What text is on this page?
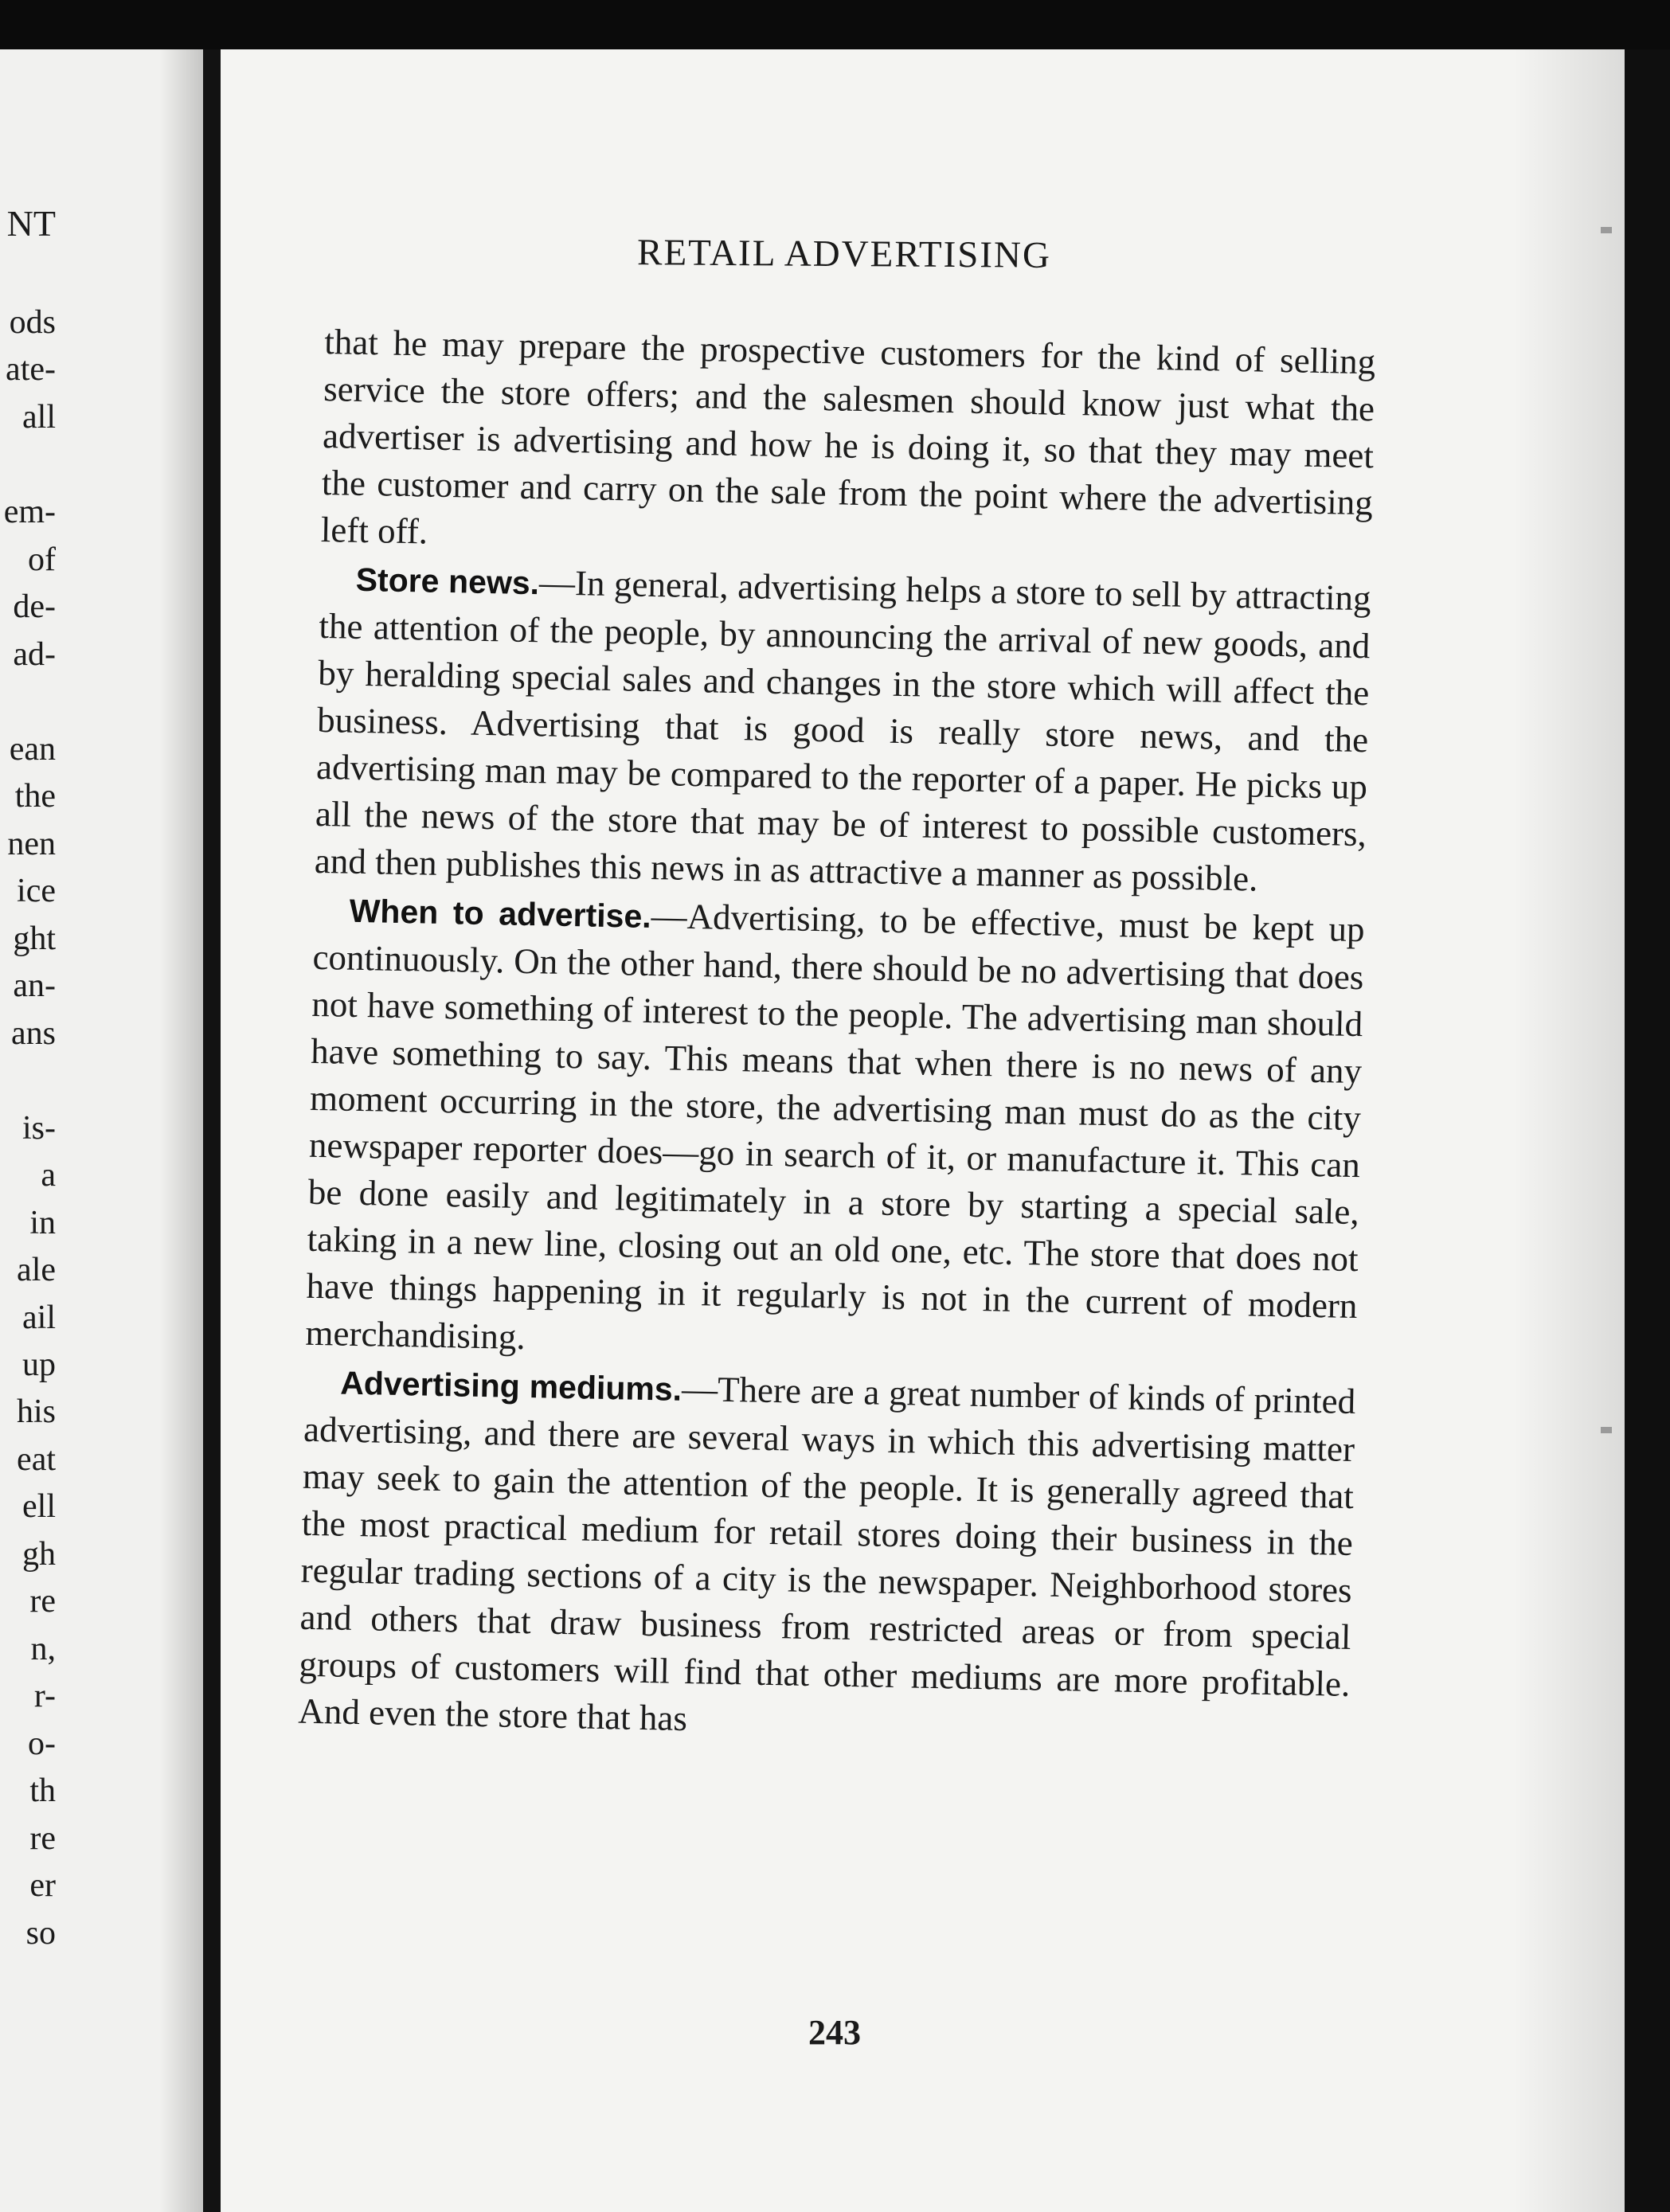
NT
ods
ate-
all
em-
of
de-
ad-
ean
the
nen
ice
ght
an-
ans
is-
a
in
ale
ail
up
his
eat
ell
gh
re
n,
r-
o-
th
re
er
so
RETAIL ADVERTISING

that he may prepare the prospective customers for the kind of selling service the store offers; and the salesmen should know just what the advertiser is advertising and how he is doing it, so that they may meet the customer and carry on the sale from the point where the advertising left off.

Store news.—In general, advertising helps a store to sell by attracting the attention of the people, by announcing the arrival of new goods, and by heralding special sales and changes in the store which will affect the business. Advertising that is good is really store news, and the advertising man may be compared to the reporter of a paper. He picks up all the news of the store that may be of interest to possible customers, and then publishes this news in as attractive a manner as possible.

When to advertise.—Advertising, to be effective, must be kept up continuously. On the other hand, there should be no advertising that does not have something of interest to the people. The advertising man should have something to say. This means that when there is no news of any moment occurring in the store, the advertising man must do as the city newspaper reporter does—go in search of it, or manufacture it. This can be done easily and legitimately in a store by starting a special sale, taking in a new line, closing out an old one, etc. The store that does not have things happening in it regularly is not in the current of modern merchandising.

Advertising mediums.—There are a great number of kinds of printed advertising, and there are several ways in which this advertising matter may seek to gain the attention of the people. It is generally agreed that the most practical medium for retail stores doing their business in the regular trading sections of a city is the newspaper. Neighborhood stores and others that draw business from restricted areas or from special groups of customers will find that other mediums are more profitable. And even the store that has

243
